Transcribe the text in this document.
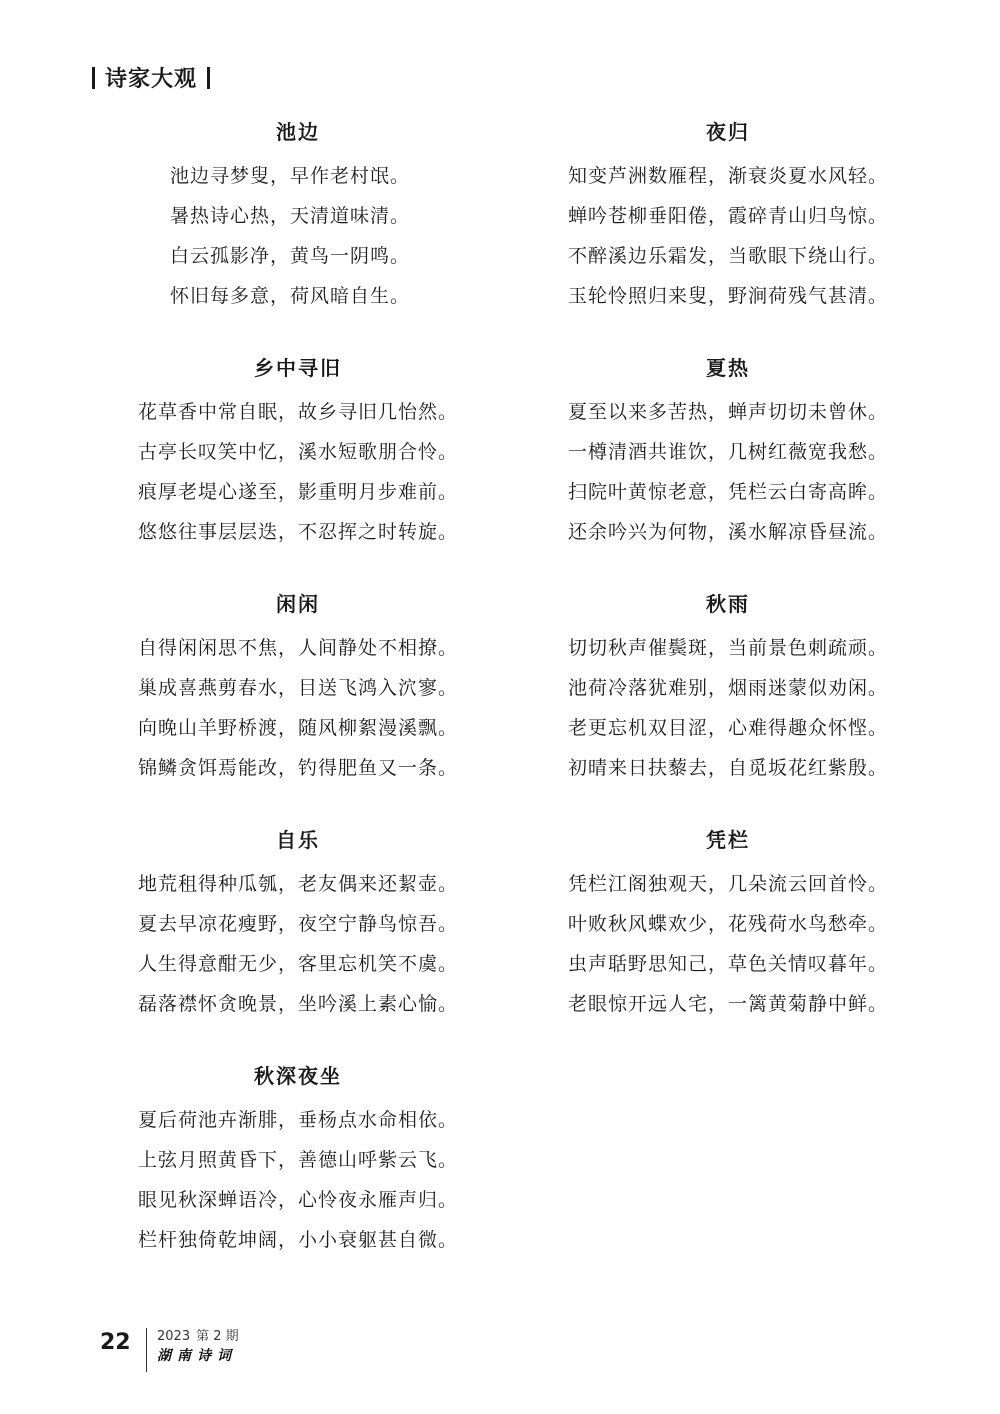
诗家大观
池边
池边寻梦叟，早作老村氓。
暑热诗心热，天清道味清。
白云孤影净，黄鸟一阴鸣。
怀旧每多意，荷风暗自生。
乡中寻旧
花草香中常自眠，故乡寻旧几怡然。
古亭长叹笑中忆，溪水短歌朋合怜。
痕厚老堤心遂至，影重明月步难前。
悠悠往事层层迭，不忍挥之时转旋。
闲闲
自得闲闲思不焦，人间静处不相撩。
巢成喜燕剪春水，目送飞鸿入泬寥。
向晚山羊野桥渡，随风柳絮漫溪飘。
锦鳞贪饵焉能改，钓得肥鱼又一条。
自乐
地荒租得种瓜瓠，老友偶来还絜壶。
夏去早凉花瘦野，夜空宁静鸟惊吾。
人生得意酣无少，客里忘机笑不虞。
磊落襟怀贪晚景，坐吟溪上素心愉。
秋深夜坐
夏后荷池卉渐腓，垂杨点水命相依。
上弦月照黄昏下，善德山呼紫云飞。
眼见秋深蝉语冷，心怜夜永雁声归。
栏杆独倚乾坤阔，小小衰躯甚自微。
夜归
知变芦洲数雁程，渐衰炎夏水风轻。
蝉吟苍柳垂阳倦，霞碎青山归鸟惊。
不醉溪边乐霜发，当歌眼下绕山行。
玉轮怜照归来叟，野涧荷残气甚清。
夏热
夏至以来多苦热，蝉声切切未曾休。
一樽清酒共谁饮，几树红薇宽我愁。
扫院叶黄惊老意，凭栏云白寄高眸。
还余吟兴为何物，溪水解凉昏昼流。
秋雨
切切秋声催鬓斑，当前景色刺疏顽。
池荷冷落犹难别，烟雨迷蒙似劝闲。
老更忘机双目涩，心难得趣众怀悭。
初晴来日扶藜去，自觅坂花红紫殷。
凭栏
凭栏江阁独观天，几朵流云回首怜。
叶败秋风蝶欢少，花残荷水鸟愁牵。
虫声聒野思知己，草色关情叹暮年。
老眼惊开远人宅，一篱黄菊静中鲜。
22	2023 第 2 期
湖南诗词
